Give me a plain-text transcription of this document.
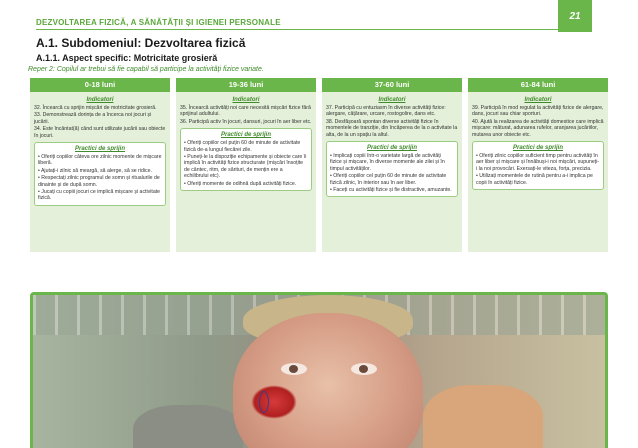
DEZVOLTAREA FIZICĂ, A SĂNĂTĂȚII ȘI IGIENEI PERSONALE
21
A.1. Subdomeniul: Dezvoltarea fizică
A.1.1. Aspect specific: Motricitate grosieră
Reper 2: Copilul ar trebui să fie capabil să participe la activități fizice variate.
0-18 luni
Indicatori
32. Încearcă cu sprijin mișcări de motricitate grosieră.
33. Demonstrează dorința de a încerca noi jocuri și jucării.
34. Este încântat(ă) când sunt utilizate jucării sau obiecte în jocuri.
Practici de sprijin
• Oferiți copiilor câteva ore zilnic momente de mișcare liberă.
• Ajutați-i zilnic să meargă, să alerge, să se ridice.
• Respectați zilnic programul de somn și ritualurile de dinainte și de după somn.
• Jucați cu copiii jocuri ce implică mișcare și activitate fizică.
19-36 luni
Indicatori
35. Încearcă activități noi care necesită mișcări fizice fără sprijinul adultului.
36. Participă activ în jocuri, dansuri, jocuri în aer liber etc.
Practici de sprijin
• Oferiți copiilor cel puțin 60 de minute de activitate fizică de-a lungul fiecărei zile.
• Puneți-le la dispoziție echipamente și obiecte care îi implică în activități fizice structurate (mișcări însoțite de cântec, ritm, de sărituri, de mențin ere a echilibrului etc).
• Oferiți momente de odihnă după activități fizice.
37-60 luni
Indicatori
37. Participă cu entuziasm în diverse activități fizice: alergare, cățărare, urcare, rostogolire, dans etc.
38. Desfășoară spontan diverse activități fizice în momentele de tranziție, din încăperea de la o activitate la alta, de la un spațiu la altul.
Practici de sprijin
• Implicați copiii într-o varietate largă de activități fizice și mișcare, în diverse momente ale zilei și în timpul activităților.
• Oferiți copiilor cel puțin 60 de minute de activitate fizică zilnic, în interior sau în aer liber.
• Faceți cu activități fizice și fie distractive, amuzante.
61-84 luni
Indicatori
39. Participă în mod regulat la activități fizice de alergare, dans, jocuri sau chiar sporturi.
40. Ajută la realizarea de activități domestice care implică mișcare: măturat, adunarea rufelor, aranjarea jucăriilor, mutarea unor obiecte etc.
Practici de sprijin
• Oferiți zilnic copiilor suficient timp pentru activități în aer liber și mișcare și înnăbuși-i noi mișcări, supuneți-i la noi provocări. Exersați-le viteza, forța, precizia.
• Utilizați momentele de rutină pentru a-i implica pe copii în activități fizice.
